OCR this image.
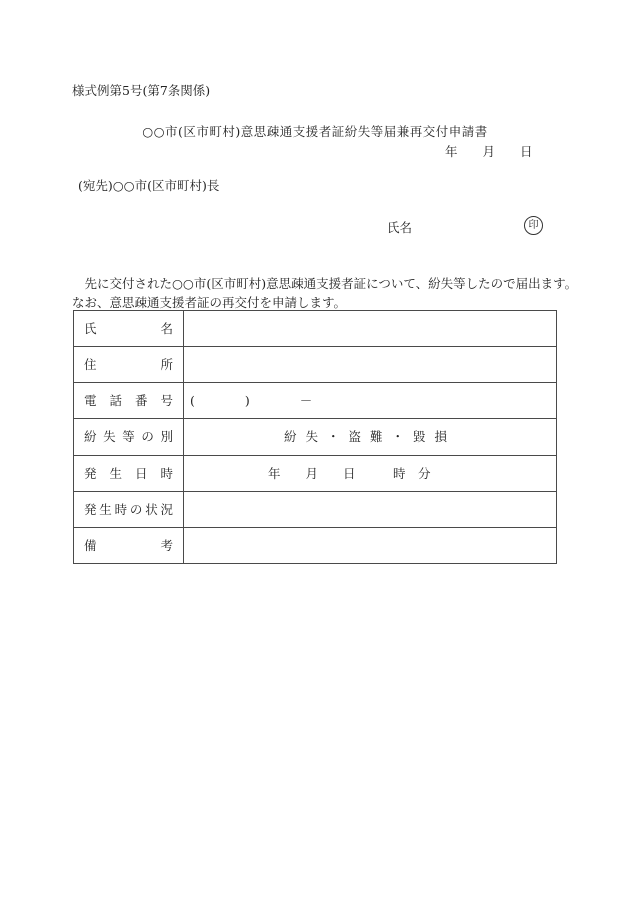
様式例第5号(第7条関係)
○○市(区市町村)意思疎通支援者証紛失等届兼再交付申請書
年　　月　　日
(宛先)○○市(区市町村)長
氏名	印
　先に交付された○○市(区市町村)意思疎通支援者証について、紛失等したので届出ます。
なお、意思疎通支援者証の再交付を申請します。
氏名
住所
電話番号	(　　　　)　　　　－
紛失等の別	紛失・盗難・毀損
発生日時	年　　月　　日　　　時　分
発生時の状況
備考
